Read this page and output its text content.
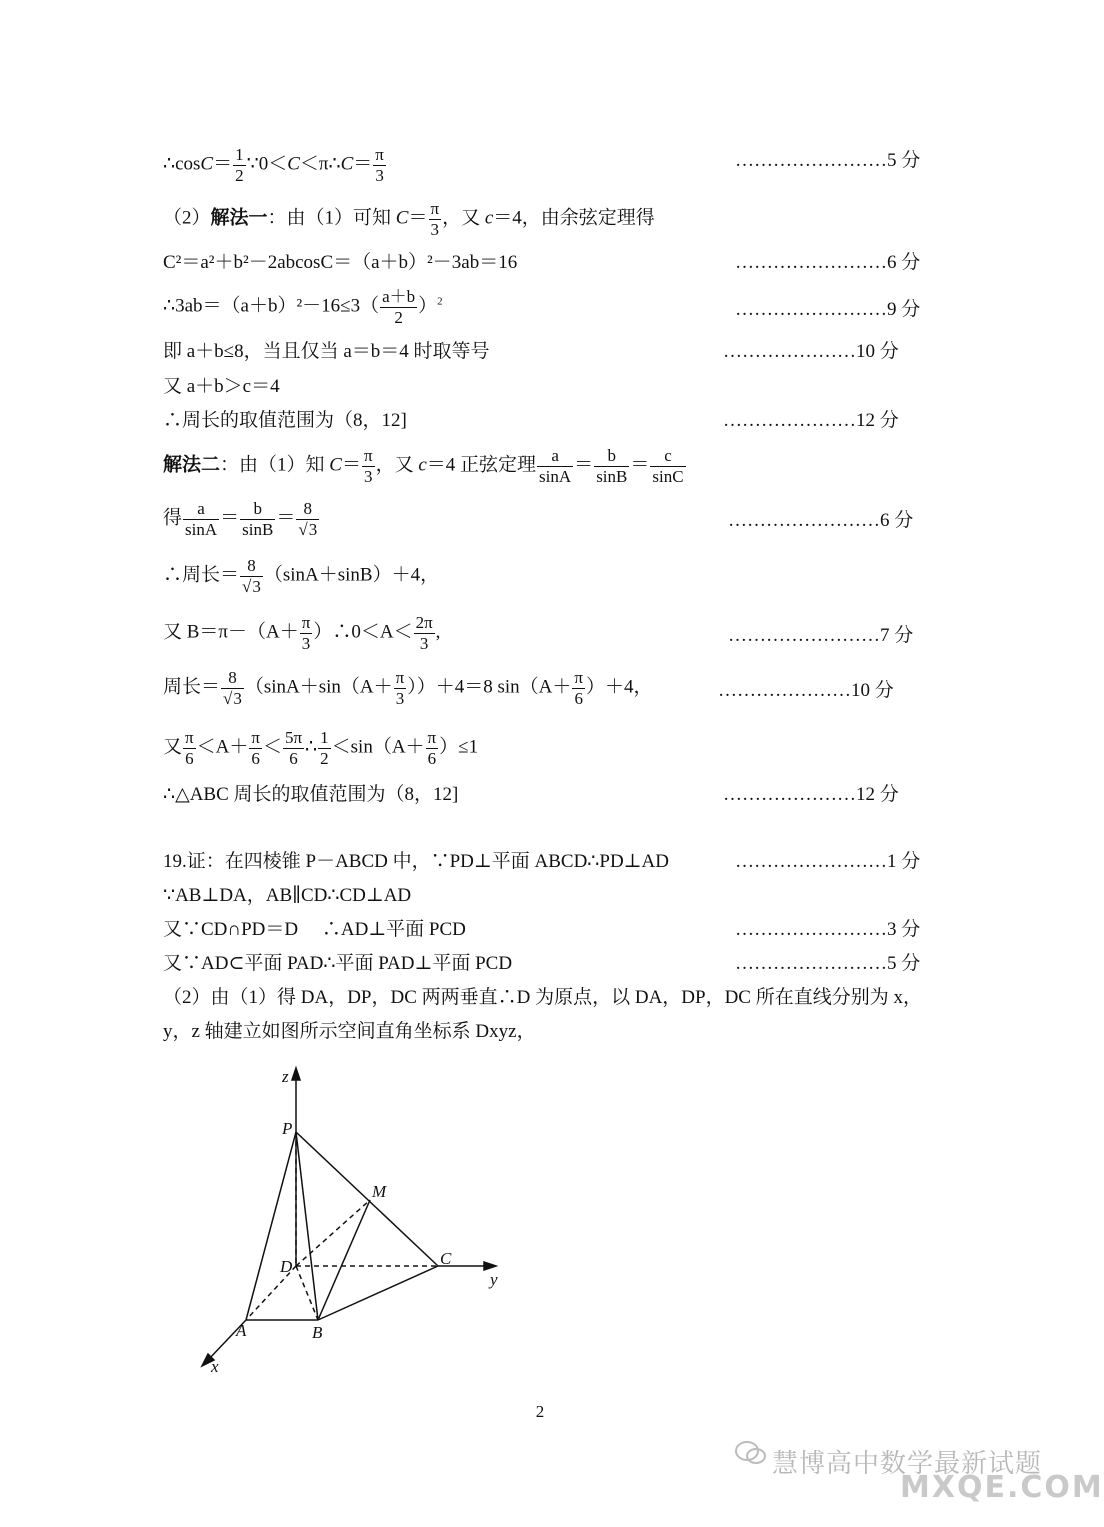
∴cosC＝ $\frac{1}{2}$ ∵0＜C＜π∴C＝ $\frac{\pi}{3}$	……………………5 分
（2）解法一：由（1）可知 $C= \frac{\pi}{3}$ ，又 c＝4，由余弦定理得
C²＝a²＋b²－2abcosC＝（a＋b）²－3ab＝16	……………………6 分
∴3ab＝（a＋b）²－16≤3（ $\frac{a+b}{2} )^2$	……………………9 分
即 a＋b≤8，当且仅当 a＝b＝4 时取等号	…………………10 分
又 a＋b＞c＝4
∴周长的取值范围为（8，12]	…………………12 分
解法二：由（1）知 $C= \frac{\pi}{3}$ ，又 c＝4 正弦定理 $\frac{a}{\sin A} = \frac{b}{\sin B} = \frac{c}{\sin C}$
得 $\frac{a}{\sin A} = \frac{b}{\sin B} = \frac{8}{√3}$	……………………6 分
∴周长＝ $\frac{8}{√3} (\sin A+\sin B)+4$，
又 $B=\pi-(A+ \frac{\pi}{3}$ ）∴0＜A＜ $\frac{2\pi}{3}$ ,	……………………7 分
周长＝ $\frac{8}{√3} (\sin A+\sin(A+ \frac{\pi}{3} ))+4=8$ $\sin(A+ \frac{\pi}{6} )+4$，	…………………10 分
又 $\frac{\pi}{6} <A+ \frac{\pi}{6} < \frac{5\pi}{6}$ ∴ $\frac{1}{2} <\sin(A+ \frac{\pi}{6} )\le 1$
∴△ABC 周长的取值范围为（8，12]	…………………12 分
19.证：在四棱锥 P－ABCD 中，∵PD⊥平面 ABCD∴PD⊥AD	……………………1 分
∵AB⊥DA，AB∥CD∴CD⊥AD
又∵CD∩PD＝D　 ∴AD⊥平面 PCD	……………………3 分
又∵AD⊂平面 PAD∴平面 PAD⊥平面 PCD	……………………5 分
（2）由（1）得 DA，DP，DC 两两垂直∴D 为原点，以 DA，DP，DC 所在直线分别为 x，
y，z 轴建立如图所示空间直角坐标系 Dxyz，
z
P
M
D	C
y
A	B
x
2
慧博高中数学最新试题
MXQE.COM
